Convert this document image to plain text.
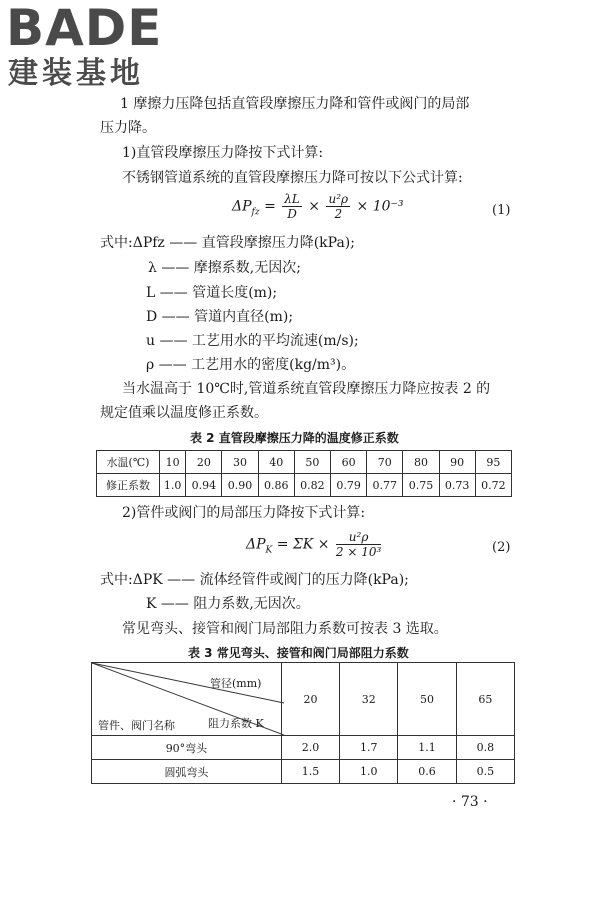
BADE
建装基地
1 摩擦力压降包括直管段摩擦压力降和管件或阀门的局部
压力降。
1)直管段摩擦压力降按下式计算:
不锈钢管道系统的直管段摩擦压力降可按以下公式计算:
$\Delta P_{fz} = \frac{\lambda L}{D} \times \frac{\text{u²ρ}}{2} \times 10^{-3}$	(1)
式中:ΔPfz —— 直管段摩擦压力降(kPa);
λ —— 摩擦系数,无因次;
L —— 管道长度(m);
D —— 管道内直径(m);
u —— 工艺用水的平均流速(m/s);
ρ —— 工艺用水的密度(kg/m³)。
当水温高于 10℃时,管道系统直管段摩擦压力降应按表 2 的
规定值乘以温度修正系数。
表 2 直管段摩擦压力降的温度修正系数
水温(℃)	10	20	30	40	50	60	70	80	90	95
修正系数	1.0	0.94	0.90	0.86	0.82	0.79	0.77	0.75	0.73	0.72
2)管件或阀门的局部压力降按下式计算:
$\Delta P_K = \Sigma K \times \frac{\text{u²ρ}}{\text{2 × 10³}}$	(2)
式中:ΔPK —— 流体经管件或阀门的压力降(kPa);
K —— 阻力系数,无因次。
常见弯头、接管和阀门局部阻力系数可按表 3 选取。
表 3 常见弯头、接管和阀门局部阻力系数
管径(mm)
阻力系数 K
管件、阀门名称	20	32	50	65
90°弯头	2.0	1.7	1.1	0.8
圆弧弯头	1.5	1.0	0.6	0.5
· 73 ·
